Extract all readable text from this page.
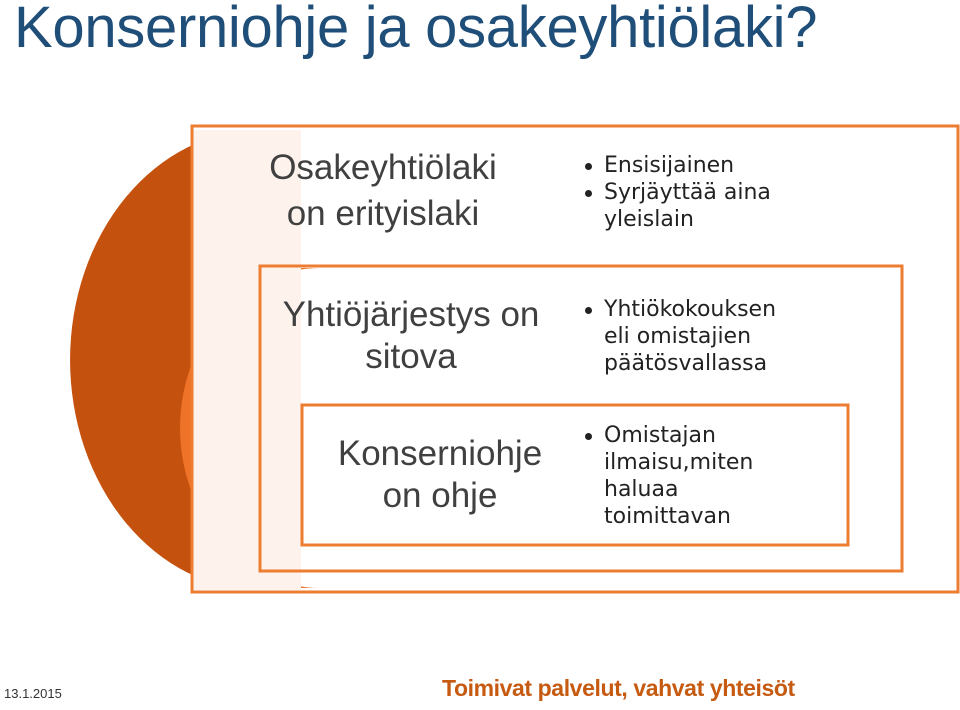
Konserniohje ja osakeyhtiölaki?
Osakeyhtiölaki
on erityislaki
Yhtiöjärjestys on
sitova
Konserniohje
on ohje
Ensisijainen
Syrjäyttää aina
yleislain
Yhtiökokouksen
eli omistajien
päätösvallassa
Omistajan
ilmaisu,miten
haluaa
toimittavan
13.1.2015	Toimivat palvelut, vahvat yhteisöt
